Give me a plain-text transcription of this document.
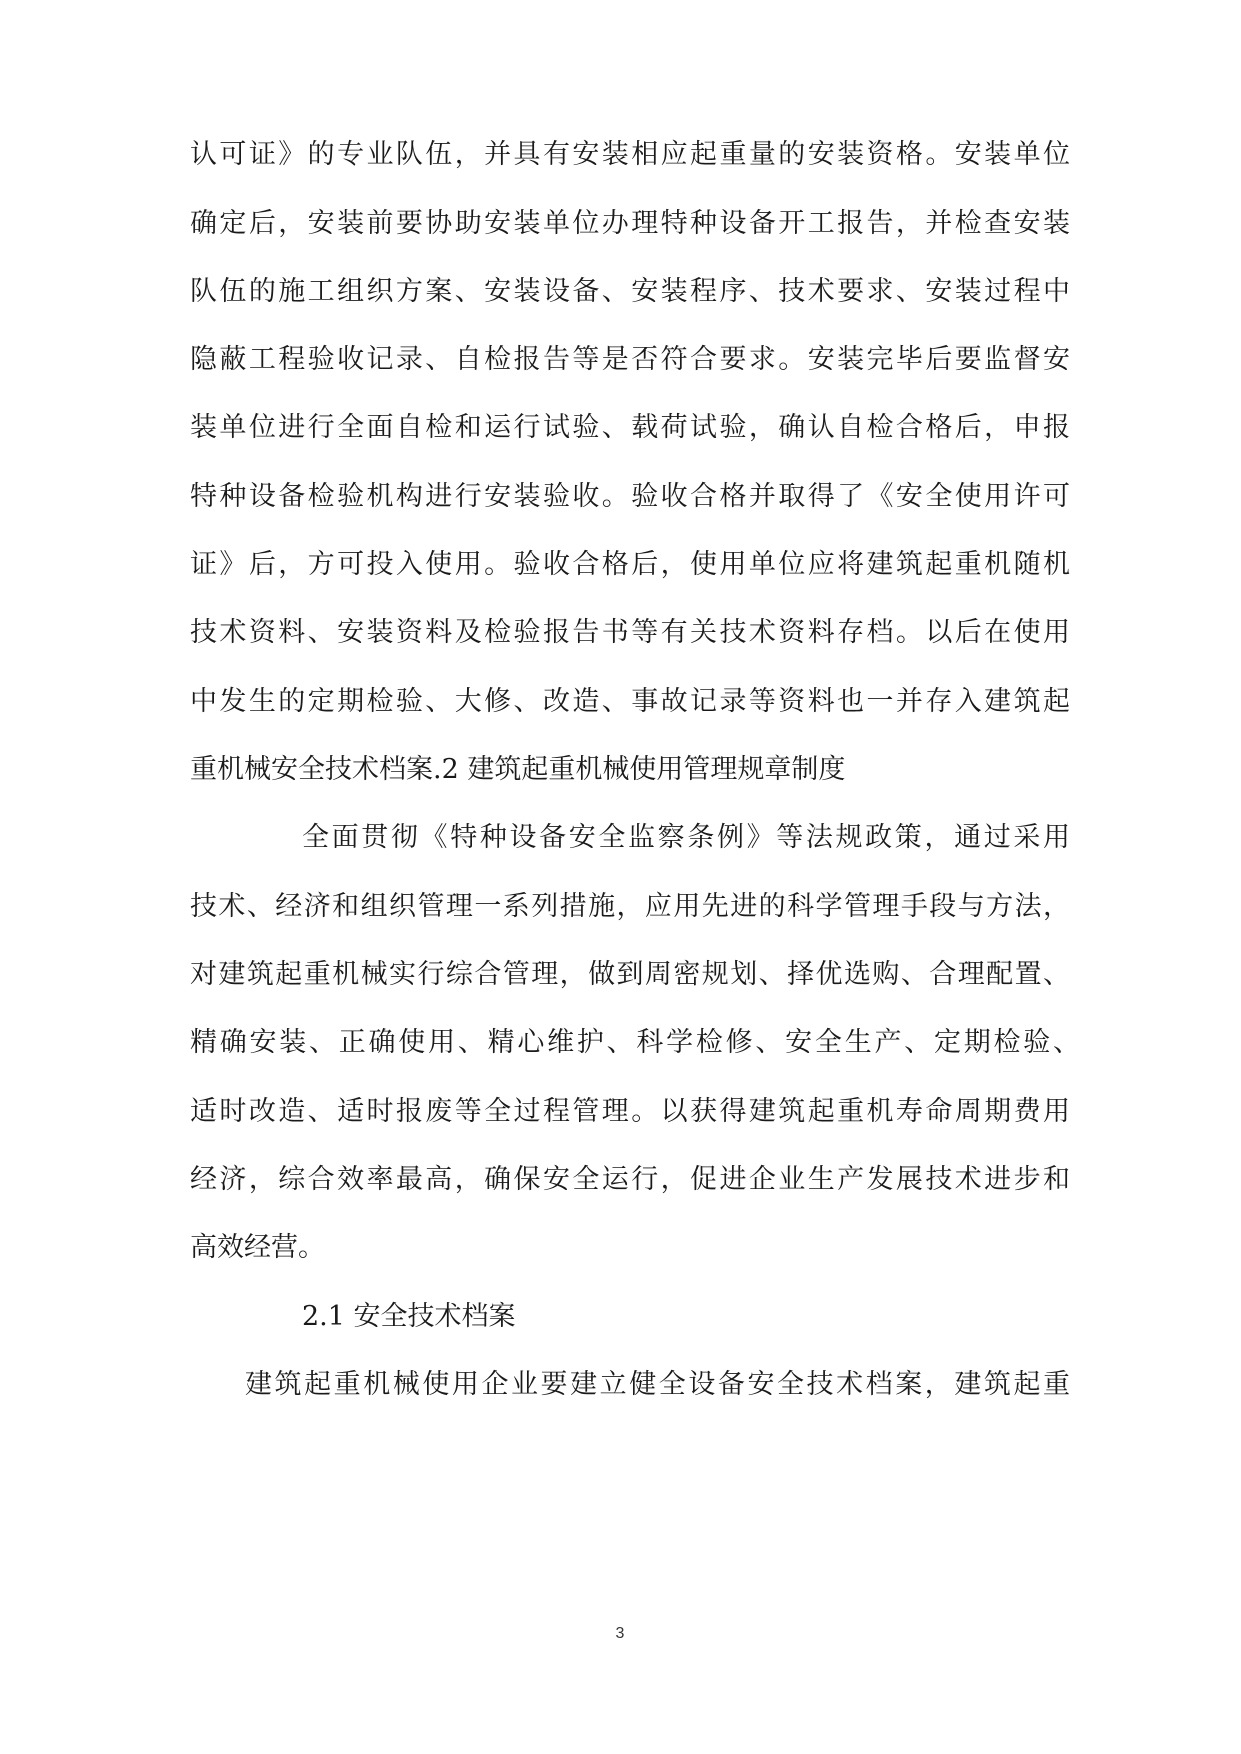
认可证》的专业队伍，并具有安装相应起重量的安装资格。安装单位
确定后，安装前要协助安装单位办理特种设备开工报告，并检查安装
队伍的施工组织方案、安装设备、安装程序、技术要求、安装过程中
隐蔽工程验收记录、自检报告等是否符合要求。安装完毕后要监督安
装单位进行全面自检和运行试验、载荷试验，确认自检合格后，申报
特种设备检验机构进行安装验收。验收合格并取得了《安全使用许可
证》后，方可投入使用。验收合格后，使用单位应将建筑起重机随机
技术资料、安装资料及检验报告书等有关技术资料存档。以后在使用
中发生的定期检验、大修、改造、事故记录等资料也一并存入建筑起
重机械安全技术档案.2 建筑起重机械使用管理规章制度
全面贯彻《特种设备安全监察条例》等法规政策，通过采用
技术、经济和组织管理一系列措施，应用先进的科学管理手段与方法，
对建筑起重机械实行综合管理，做到周密规划、择优选购、合理配置、
精确安装、正确使用、精心维护、科学检修、安全生产、定期检验、
适时改造、适时报废等全过程管理。以获得建筑起重机寿命周期费用
经济，综合效率最高，确保安全运行，促进企业生产发展技术进步和
高效经营。
2.1 安全技术档案
建筑起重机械使用企业要建立健全设备安全技术档案，建筑起重
3
